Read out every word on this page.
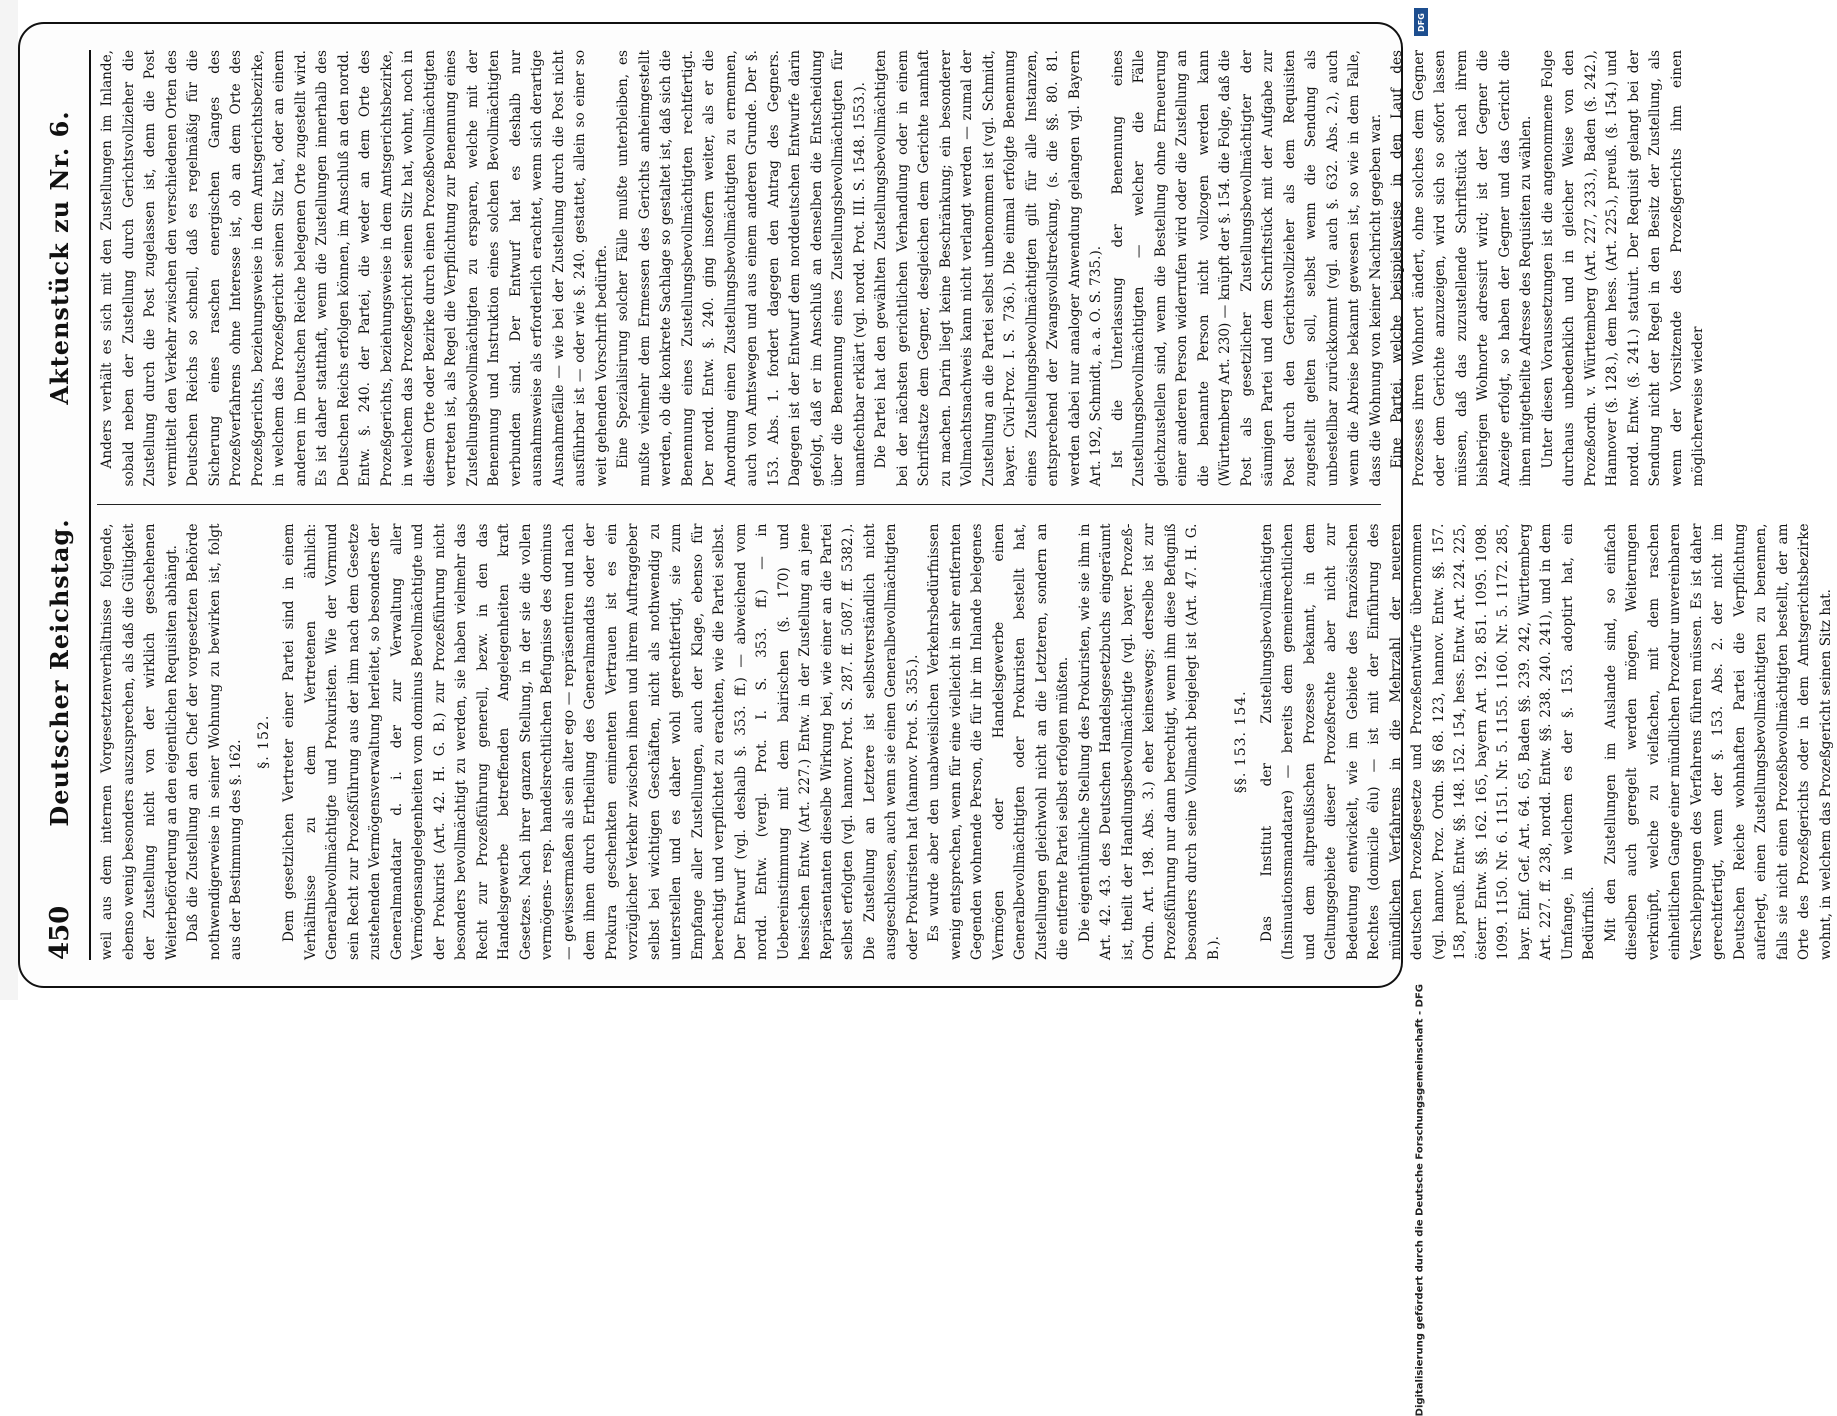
450
Deutscher Reichstag.
Aktenstück zu Nr. 6.

weil aus dem internen Vorgesetztenverhältnisse folgende, ebenso wenig besonders auszusprechen, als daß die Gültigkeit der Zustellung nicht von der wirklich geschehenen Weiterbeförderung an den eigentlichen Requisiten abhängt. Daß die Zustellung an den Chef der vorgesetzten Behörde nothwendigerweise in seiner Wohnung zu bewirken ist, folgt aus der Bestimmung des §. 162. §. 152. Dem gesetzlichen Vertreter einer Partei sind in einem Verhältnisse zu dem Vertretenen ähnlich: Generalbevollmächtigte und Prokuristen. Wie der Vormund sein Recht zur Prozeßführung aus der ihm nach dem Gesetze zustehenden Vermögensverwaltung herleitet, so besonders der Generalmandatar d. i. der zur Verwaltung aller Vermögensangelegenheiten vom dominus Bevollmächtigte und der Prokurist (Art. 42. H. G. B.) zur Prozeßführung nicht besonders bevollmächtigt zu werden, sie haben vielmehr das Recht zur Prozeßführung generell, bezw. in den das Handelsgewerbe betreffenden Angelegenheiten kraft Gesetzes. Nach ihrer ganzen Stellung, in der sie die vollen vermögens- resp. handelsrechtlichen Befugnisse des dominus — gewissermaßen als sein alter ego — repräsentiren und nach dem ihnen durch Ertheilung des Generalmandats oder der Prokura geschenkten eminenten Vertrauen ist es ein vorzüglicher Verkehr zwischen ihnen und ihrem Auftraggeber selbst bei wichtigen Geschäften, nicht als nothwendig zu unterstellen und es daher wohl gerechtfertigt, sie zum Empfange aller Zustellungen, auch der Klage, ebenso für berechtigt und verpflichtet zu erachten, wie die Partei selbst. Der Entwurf (vgl. deshalb §. 353. ff.) — abweichend vom nordd. Entw. (vergl. Prot. I. S. 353. ff.) — in Uebereinstimmung mit dem bairischen (§. 170) und hessischen Entw. (Art. 227.) Entw. in der Zustellung an jene Repräsentanten dieselbe Wirkung bei, wie einer an die Partei selbst erfolgten (vgl. hannov. Prot. S. 287. ff. 5087. ff. 5382.). Die Zustellung an Letztere ist selbstverständlich nicht ausgeschlossen, auch wenn sie einen Generalbevollmächtigten oder Prokuristen hat (hannov. Prot. S. 355.). Es wurde aber den unabweislichen Verkehrsbedürfnissen wenig entsprechen, wenn für eine vielleicht in sehr entfernten Gegenden wohnende Person, die für ihr im Inlande belegenes Vermögen oder Handelsgewerbe einen Generalbevollmächtigten oder Prokuristen bestellt hat, Zustellungen gleichwohl nicht an die Letzteren, sondern an die entfernte Partei selbst erfolgen müßten. Die eigenthümliche Stellung des Prokuristen, wie sie ihm in Art. 42. 43. des Deutschen Handelsgesetzbuchs eingeräumt ist, theilt der Handlungsbevollmächtigte (vgl. bayer. Prozeß-Ordn. Art. 198. Abs. 3.) eher keineswegs; derselbe ist zur Prozeßführung nur dann berechtigt, wenn ihm diese Befugniß besonders durch seine Vollmacht beigelegt ist (Art. 47. H. G. B.).

§§. 153. 154. Das Institut der Zustellungsbevollmächtigten (Insinuationsmandatare) — bereits dem gemeinrechtlichen und dem altpreußischen Prozesse bekannt, in dem Geltungsgebiete dieser Prozeßrechte aber nicht zur Bedeutung entwickelt, wie im Gebiete des französischen Rechtes (domicile élu) — ist mit der Einführung des mündlichen Verfahrens in die Mehrzahl der neueren deutschen Prozeßgesetze und Prozeßentwürfe übernommen (vgl. hannov. Proz. Ordn. §§ 68. 123, hannov. Entw. §§. 157. 158, preuß. Entw. §§. 148. 152. 154, hess. Entw. Art. 224. 225, österr. Entw. §§. 162. 165, bayern Art. 192. 851. 1095. 1098. 1099. 1150. Nr. 6. 1151. Nr. 5. 1155. 1160. Nr. 5. 1172. 285, bayr. Einf. Gef. Art. 64. 65, Baden §§. 239. 242, Württemberg Art. 227. ff. 238, nordd. Entw. §§. 238. 240. 241), und in dem Umfange, in welchem es der §. 153. adoptirt hat, ein Bedürfniß. Mit den Zustellungen im Auslande sind, so einfach dieselben auch geregelt werden mögen, Weiterungen verknüpft, welche zu vielfachen, mit dem raschen einheitlichen Gange einer mündlichen Prozedur unvereinbaren Verschleppungen des Verfahrens führen müssen. Es ist daher gerechtfertigt, wenn der §. 153. Abs. 2. der nicht im Deutschen Reiche wohnhaften Partei die Verpflichtung auferlegt, einen Zustellungsbevollmächtigten zu benennen, falls sie nicht einen Prozeßbevollmächtigten bestellt, der am Orte des Prozeßgerichts oder in dem Amtsgerichtsbezirke wohnt, in welchem das Prozeßgericht seinen Sitz hat.

Anders verhält es sich mit den Zustellungen im Inlande, sobald neben der Zustellung durch Gerichtsvollzieher die Zustellung durch die Post zugelassen ist, denn die Post vermittelt den Verkehr zwischen den verschiedenen Orten des Deutschen Reichs so schnell, daß es regelmäßig für die Sicherung eines raschen energischen Ganges des Prozeßverfahrens ohne Interesse ist, ob an dem Orte des Prozeßgerichts, beziehungsweise in dem Amtsgerichtsbezirke, in welchem das Prozeßgericht seinen Sitz hat, oder an einem anderen im Deutschen Reiche belegenen Orte zugestellt wird. Es ist daher statthaft, wenn die Zustellungen innerhalb des Deutschen Reichs erfolgen können, im Anschluß an den nordd. Entw. §. 240. der Partei, die weder an dem Orte des Prozeßgerichts, beziehungsweise in dem Amtsgerichtsbezirke, in welchem das Prozeßgericht seinen Sitz hat, wohnt, noch in diesem Orte oder Bezirke durch einen Prozeßbevollmächtigten vertreten ist, als Regel die Verpflichtung zur Benennung eines Zustellungsbevollmächtigten zu ersparen, welche mit der Benennung und Instruktion eines solchen Bevollmächtigten verbunden sind. Der Entwurf hat es deshalb nur ausnahmsweise als erforderlich erachtet, wenn sich derartige Ausnahmefälle — wie bei der Zustellung durch die Post nicht ausführbar ist — oder wie §. 240. gestattet, allein so einer so weit gehenden Vorschrift bedürfte. Eine Spezialisirung solcher Fälle mußte unterbleiben, es mußte vielmehr dem Ermessen des Gerichts anheimgestellt werden, ob die konkrete Sachlage so gestaltet ist, daß sich die Benennung eines Zustellungsbevollmächtigten rechtfertigt. Der nordd. Entw. §. 240. ging insofern weiter, als er die Anordnung einen Zustellungsbevollmächtigten zu ernennen, auch von Amtswegen und aus einem anderen Grunde. Der §. 153. Abs. 1. fordert dagegen den Antrag des Gegners. Dagegen ist der Entwurf dem norddeutschen Entwurfe darin gefolgt, daß er im Anschluß an denselben die Entscheidung über die Benennung eines Zustellungsbevollmächtigten für unanfechtbar erklärt (vgl. nordd. Prot. III. S. 1548. 1553.). Die Partei hat den gewählten Zustellungsbevollmächtigten bei der nächsten gerichtlichen Verhandlung oder in einem Schriftsatze dem Gegner, desgleichen dem Gerichte namhaft zu machen. Darin liegt keine Beschränkung; ein besonderer Vollmachtsnachweis kann nicht verlangt werden — zumal der Zustellung an die Partei selbst unbenommen ist (vgl. Schmidt, bayer. Civil-Proz. I. S. 736.). Die einmal erfolgte Benennung eines Zustellungsbevollmächtigten gilt für alle Instanzen, entsprechend der Zwangsvollstreckung, (s. die §§. 80. 81. werden dabei nur analoger Anwendung gelangen vgl. Bayern Art. 192, Schmidt, a. a. O. S. 735.). Ist die Unterlassung der Benennung eines Zustellungsbevollmächtigten — welcher die Fälle gleichzustellen sind, wenn die Bestellung ohne Erneuerung einer anderen Person widerrufen wird oder die Zustellung an die benannte Person nicht vollzogen werden kann (Württemberg Art. 230) — knüpft der §. 154. die Folge, daß die Post als gesetzlicher Zustellungsbevollmächtigter der säumigen Partei und dem Schriftstück mit der Aufgabe zur Post durch den Gerichtsvollzieher als dem Requisiten zugestellt gelten soll, selbst wenn die Sendung als unbestellbar zurückkommt (vgl. auch §. 632. Abs. 2.), auch wenn die Abreise bekannt gewesen ist, so wie in dem Falle, dass die Wohnung von keiner Nachricht gegeben war. Eine Partei, welche beispielsweise in den Lauf des Prozesses ihren Wohnort ändert, ohne solches dem Gegner oder dem Gerichte anzuzeigen, wird sich so sofort lassen müssen, daß das zuzustellende Schriftstück nach ihrem bisherigen Wohnorte adressirt wird; ist der Gegner die Anzeige erfolgt, so haben der Gegner und das Gericht die ihnen mitgetheilte Adresse des Requisiten zu wählen. Unter diesen Voraussetzungen ist die angenommene Folge durchaus unbedenklich und in gleicher Weise von den Prozeßordn. v. Württemberg (Art. 227, 233.), Baden (§. 242.), Hannover (§. 128.), dem hess. (Art. 225.), preuß. (§. 154.) und nordd. Entw. (§. 241.) statuirt. Der Requisit gelangt bei der Sendung nicht der Regel in den Besitz der Zustellung, als wenn der Vorsitzende des Prozeßgerichts ihm einen möglicherweise wieder

Digitalisierung gefördert durch die Deutsche Forschungsgemeinschaft - DFG
DFG
